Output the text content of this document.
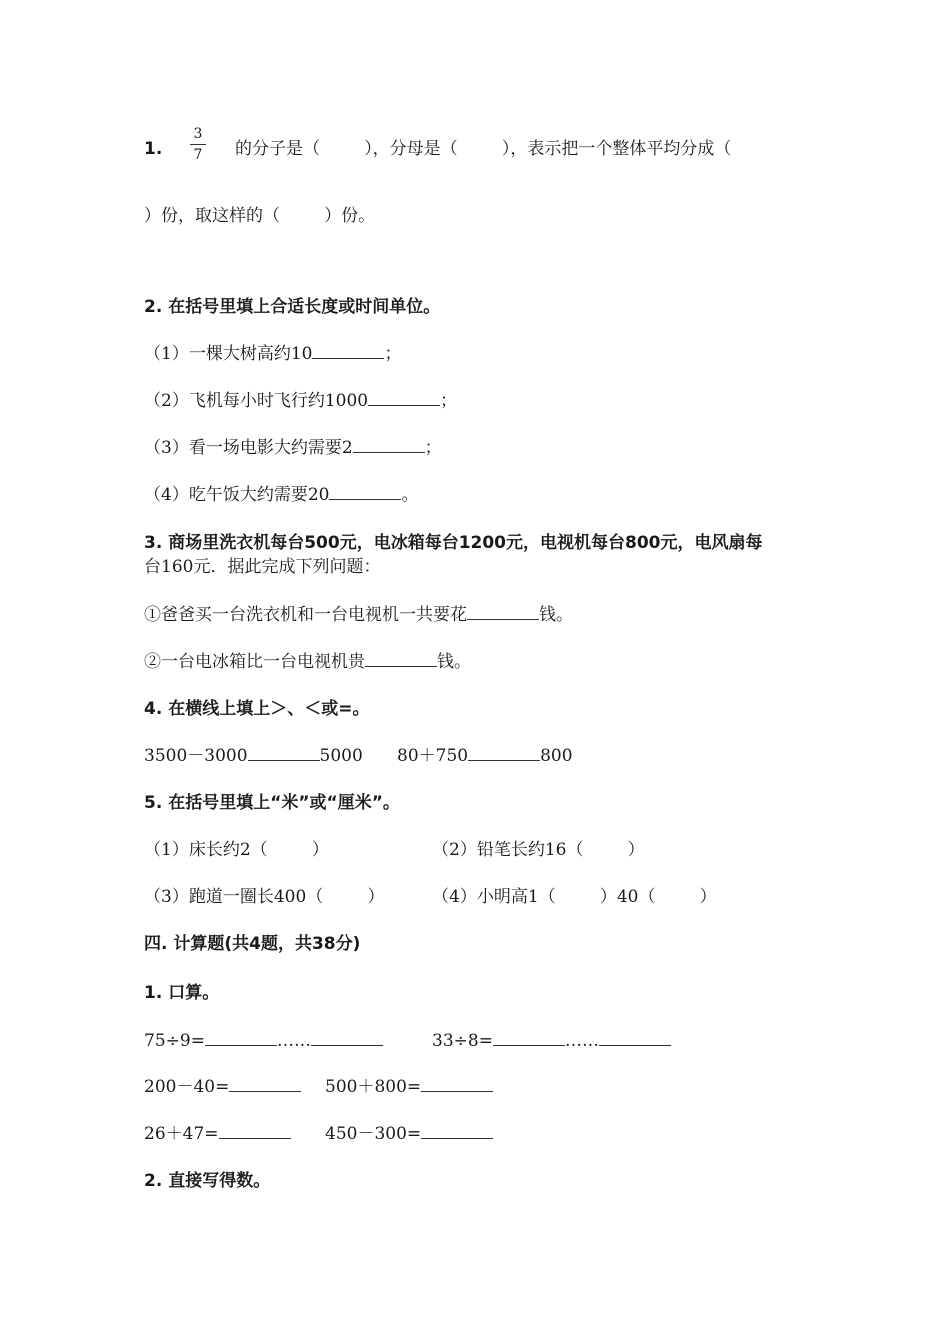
1.
3
7 的分子是（	），分母是（	），表示把一个整体平均分成（
）份，取这样的（	）份。
2. 在括号里填上合适长度或时间单位。
（1）一棵大树高约10	；
（2）飞机每小时飞行约1000	；
（3）看一场电影大约需要2	；
（4）吃午饭大约需要20	。
3. 商场里洗衣机每台500元，电冰箱每台1200元，电视机每台800元，电风扇每
台160元．据此完成下列问题：
①爸爸买一台洗衣机和一台电视机一共要花	钱。
②一台电冰箱比一台电视机贵	钱。
4. 在横线上填上＞、＜或=。
3500－3000	5000 80＋750	800
5. 在括号里填上“米”或“厘米”。
（1）床长约2（	）	（2）铅笔长约16（	）
（3）跑道一圈长400（	）	（4）小明高1（	）40（	）
四. 计算题(共4题，共38分)
1. 口算。
75÷9=	……	33÷8=	……
200－40=	500＋800=
26＋47=	450－300=
2. 直接写得数。
